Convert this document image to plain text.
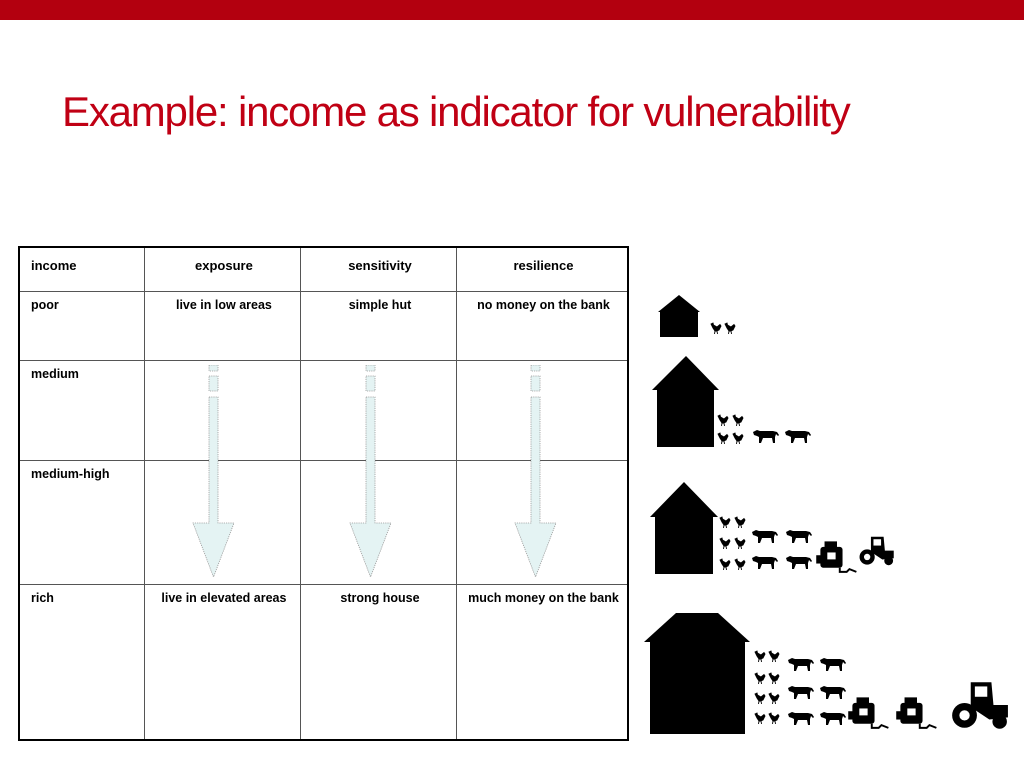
Example: income as indicator for vulnerability
income	exposure	sensitivity	resilience
poor	live in low areas	simple hut	no money on the bank
medium			
medium-high			
rich	live in elevated areas	strong house	much money on the bank
